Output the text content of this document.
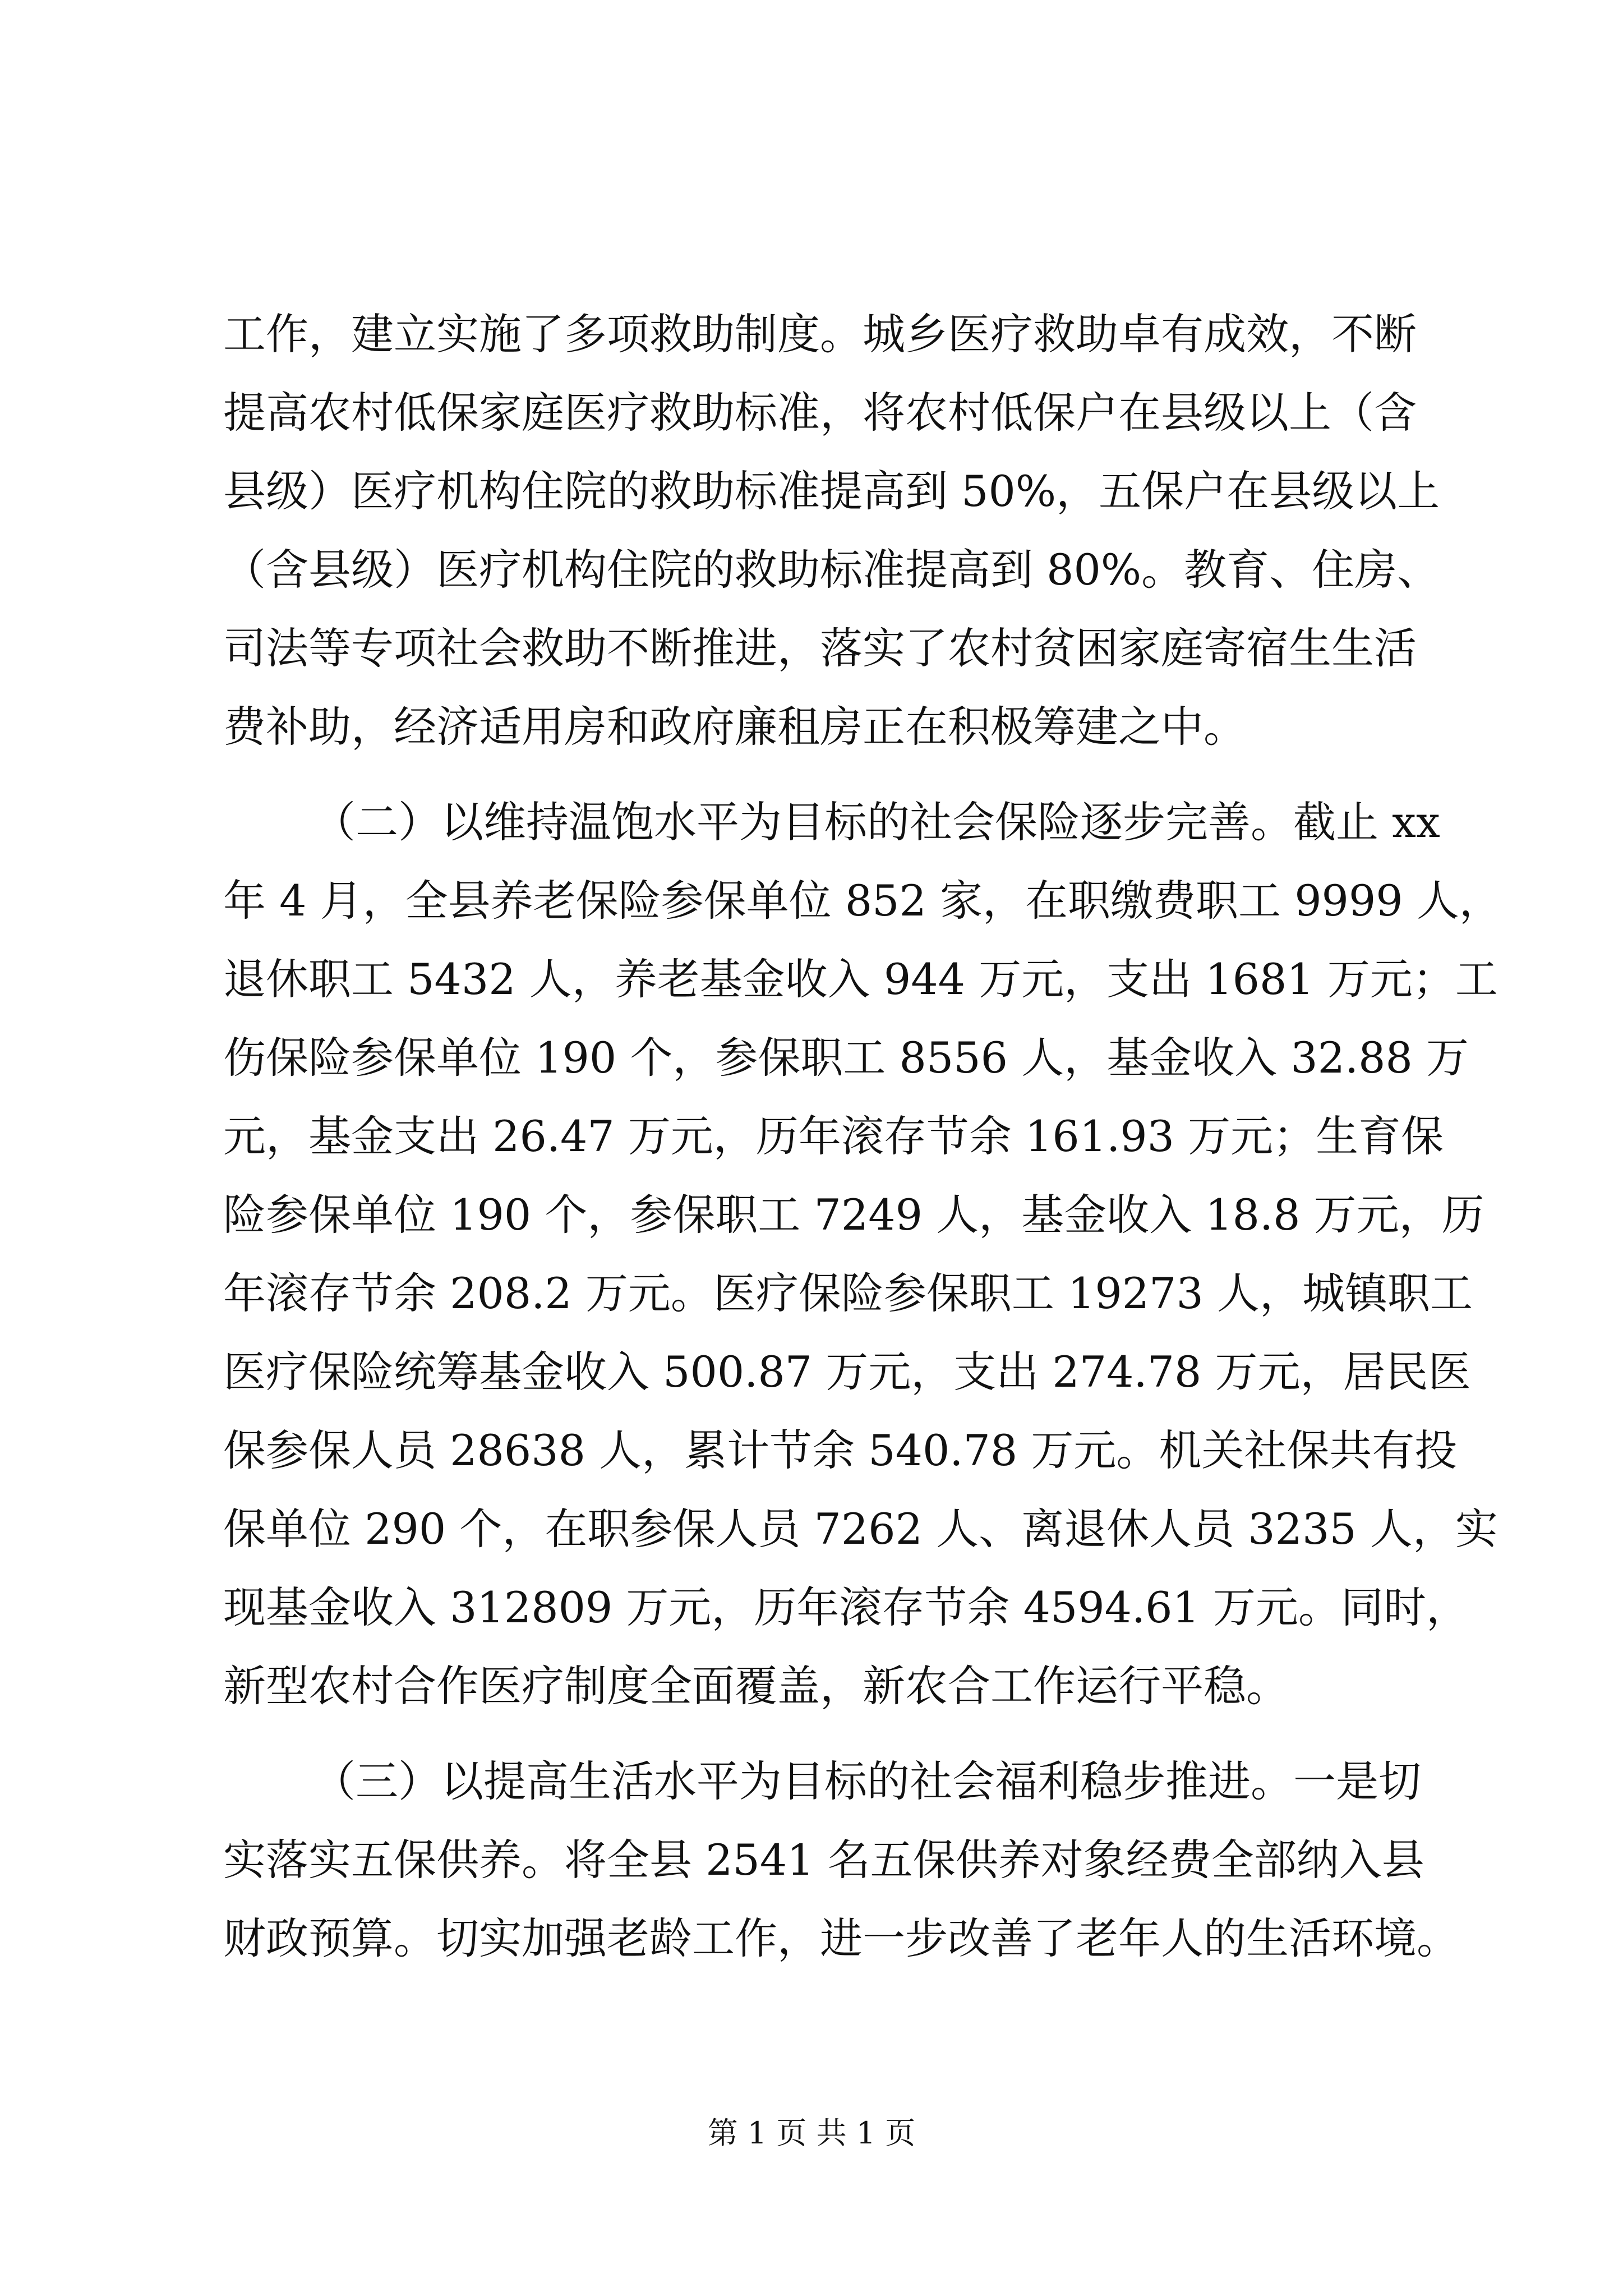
工作，建立实施了多项救助制度。城乡医疗救助卓有成效，不断
提高农村低保家庭医疗救助标准，将农村低保户在县级以上（含
县级）医疗机构住院的救助标准提高到 50%，五保户在县级以上
（含县级）医疗机构住院的救助标准提高到 80%。教育、住房、
司法等专项社会救助不断推进，落实了农村贫困家庭寄宿生生活
费补助，经济适用房和政府廉租房正在积极筹建之中。
（二）以维持温饱水平为目标的社会保险逐步完善。截止 xx
年 4 月，全县养老保险参保单位 852 家，在职缴费职工 9999 人，
退休职工 5432 人，养老基金收入 944 万元，支出 1681 万元；工
伤保险参保单位 190 个，参保职工 8556 人，基金收入 32.88 万
元，基金支出 26.47 万元，历年滚存节余 161.93 万元；生育保
险参保单位 190 个，参保职工 7249 人，基金收入 18.8 万元，历
年滚存节余 208.2 万元。医疗保险参保职工 19273 人，城镇职工
医疗保险统筹基金收入 500.87 万元，支出 274.78 万元，居民医
保参保人员 28638 人，累计节余 540.78 万元。机关社保共有投
保单位 290 个，在职参保人员 7262 人、离退休人员 3235 人，实
现基金收入 312809 万元，历年滚存节余 4594.61 万元。同时，
新型农村合作医疗制度全面覆盖，新农合工作运行平稳。
（三）以提高生活水平为目标的社会福利稳步推进。一是切
实落实五保供养。将全县 2541 名五保供养对象经费全部纳入县
财政预算。切实加强老龄工作，进一步改善了老年人的生活环境。
第 1 页 共 1 页
